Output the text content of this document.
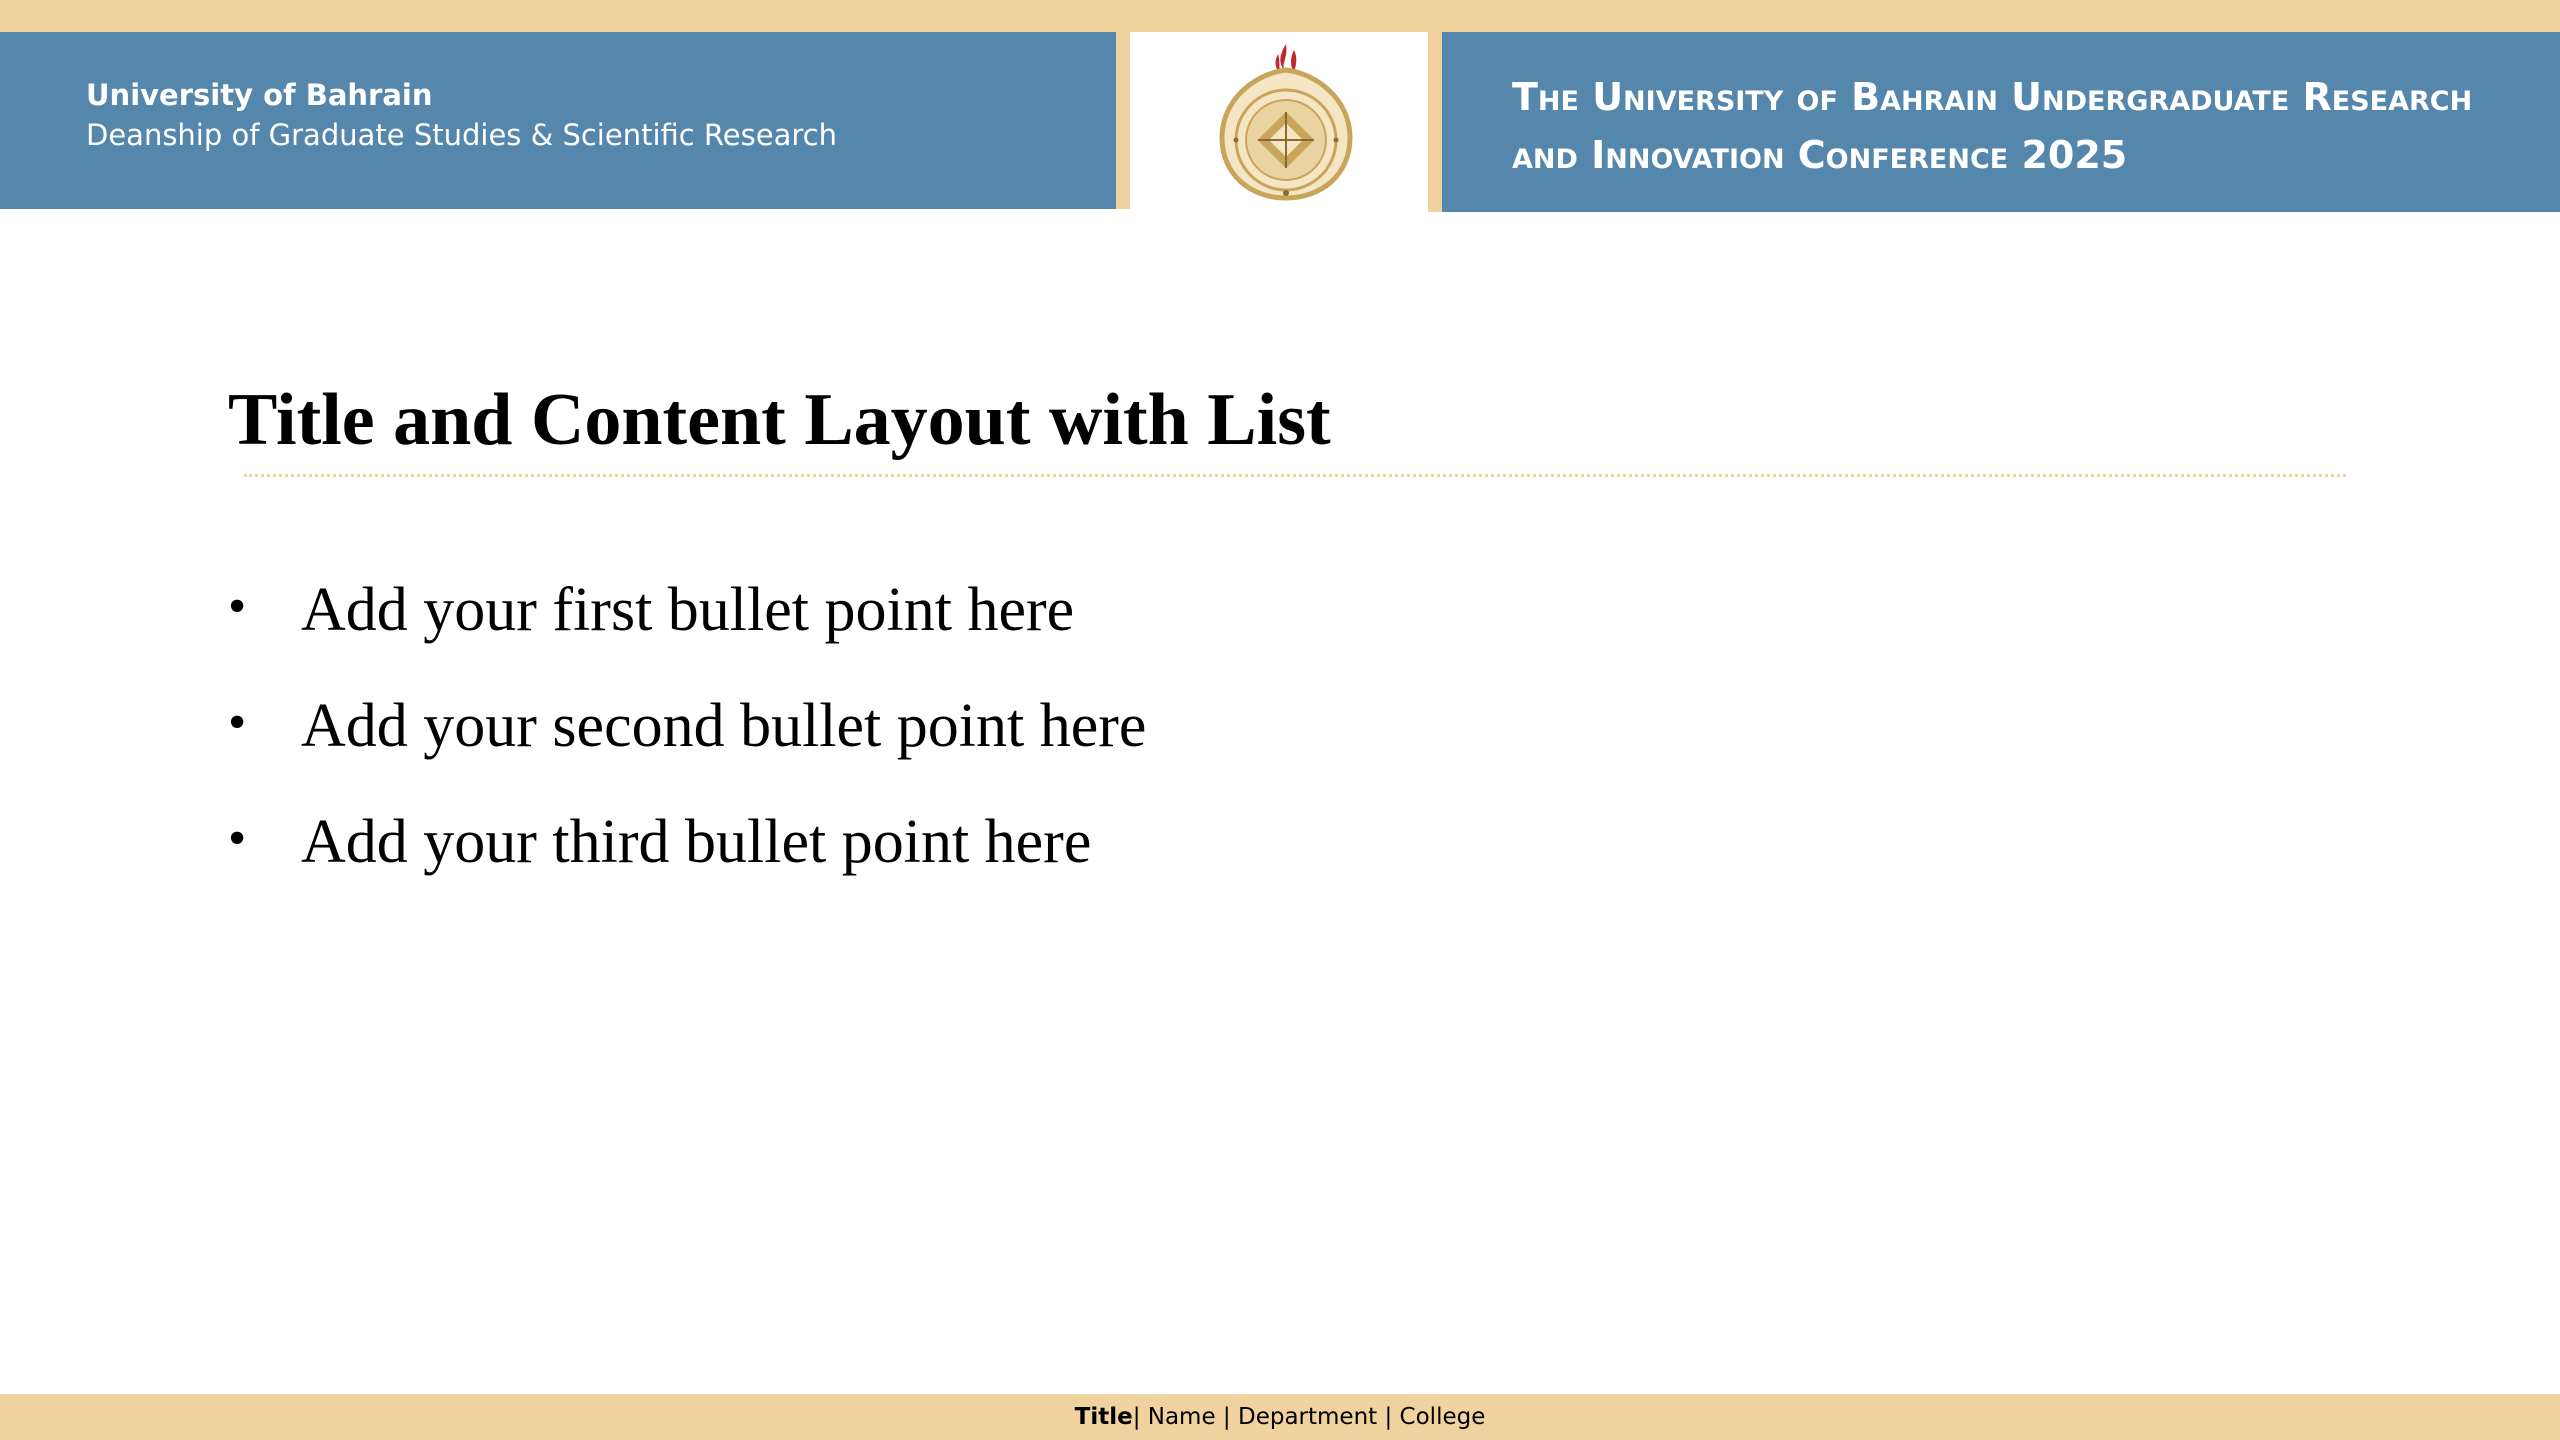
University of Bahrain
Deanship of Graduate Studies & Scientific Research
The University of Bahrain Undergraduate Research
and Innovation Conference 2025
Title and Content Layout with List
• Add your first bullet point here
• Add your second bullet point here
• Add your third bullet point here
Title| Name | Department | College
